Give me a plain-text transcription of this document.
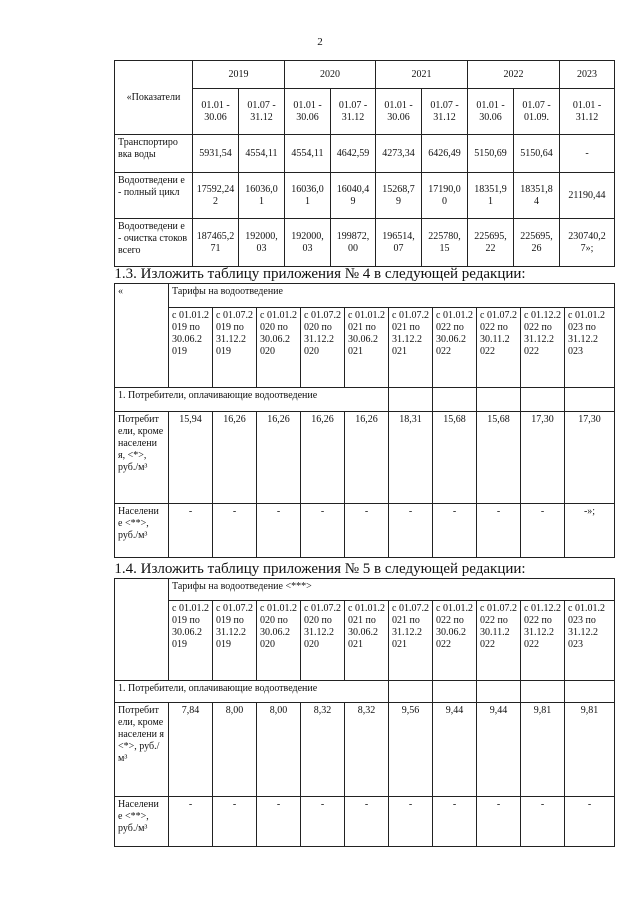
2
«Показатели	2019		2020		2021		2022		2023
	01.01 - 30.06	01.07 - 31.12	01.01 - 30.06	01.07 - 31.12	01.01 - 30.06	01.07 - 31.12	01.01 - 30.06	01.07 - 01.09.	01.01 - 31.12
Транспортиро вка воды	5931,54	4554,11	4554,11	4642,59	4273,34	6426,49	5150,69	5150,64	-
Водоотведени е - полный цикл	17592,24 2	16036,0 1	16036,0 1	16040,4 9	15268,7 9	17190,0 0	18351,9 1	18351,8 4	21190,44
Водоотведени е - очистка стоков всего	187465,2 71	192000, 03	192000, 03	199872, 00	196514, 07	225780, 15	225695, 22	225695, 26	230740,2 7»;
1.3. Изложить таблицу приложения № 4 в следующей редакции:
«	Тарифы на водоотведение									
	с 01.01.2 019 по 30.06.2 019	с 01.07.2 019 по 31.12.2 019	с 01.01.2 020 по 30.06.2 020	с 01.07.2 020 по 31.12.2 020	с 01.01.2 021 по 30.06.2 021	с 01.07.2 021 по 31.12.2 021	с 01.01.2 022 по 30.06.2 022	с 01.07.2 022 по 30.11.2 022	с 01.12.2 022 по 31.12.2 022	с 01.01.2 023 по 31.12.2 023
1. Потребители, оплачивающие водоотведение										
Потребит ели, кроме населени я, <*>, руб./м³	15,94	16,26	16,26	16,26	16,26	18,31	15,68	15,68	17,30	17,30
Населени е <**>, руб./м³	-	-	-	-	-	-	-	-	-	-»;
1.4. Изложить таблицу приложения № 5 в следующей редакции:
	Тарифы на водоотведение <***>									
	с 01.01.2 019 по 30.06.2 019	с 01.07.2 019 по 31.12.2 019	с 01.01.2 020 по 30.06.2 020	с 01.07.2 020 по 31.12.2 020	с 01.01.2 021 по 30.06.2 021	с 01.07.2 021 по 31.12.2 021	с 01.01.2 022 по 30.06.2 022	с 01.07.2 022 по 30.11.2 022	с 01.12.2 022 по 31.12.2 022	с 01.01.2 023 по 31.12.2 023
1. Потребители, оплачивающие водоотведение										
Потребит ели, кроме населени я <*>, руб./м³	7,84	8,00	8,00	8,32	8,32	9,56	9,44	9,44	9,81	9,81
Населени е <**>, руб./м³	-	-	-	-	-	-	-	-	-	-
